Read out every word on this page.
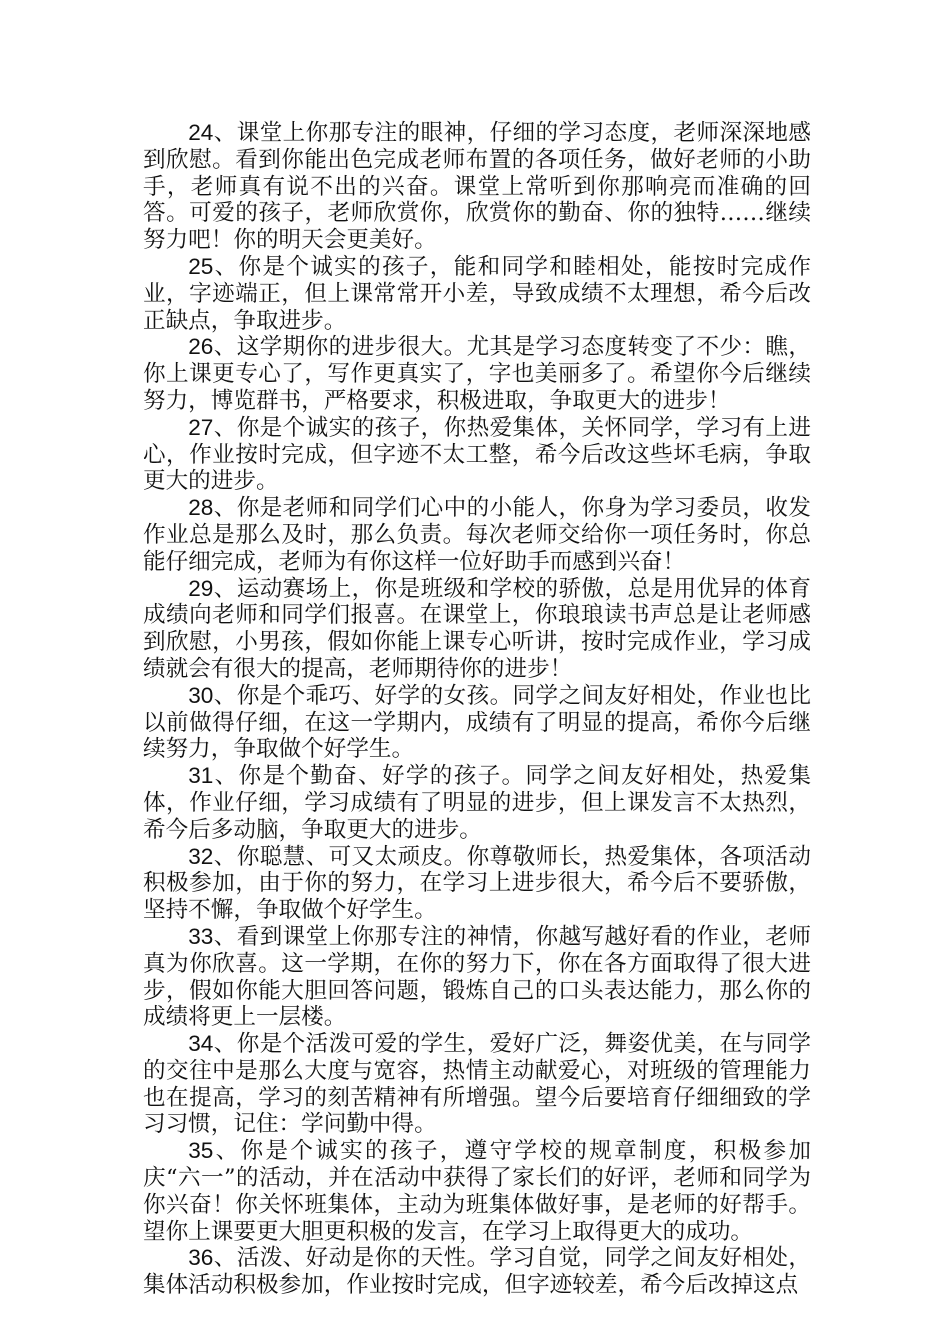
24、课堂上你那专注的眼神，仔细的学习态度，老师深深地感到欣慰。看到你能出色完成老师布置的各项任务，做好老师的小助手，老师真有说不出的兴奋。课堂上常听到你那响亮而准确的回答。可爱的孩子，老师欣赏你，欣赏你的勤奋、你的独特……继续努力吧！你的明天会更美好。

25、你是个诚实的孩子，能和同学和睦相处，能按时完成作业，字迹端正，但上课常常开小差，导致成绩不太理想，希今后改正缺点，争取进步。

26、这学期你的进步很大。尤其是学习态度转变了不少：瞧，你上课更专心了，写作更真实了，字也美丽多了。希望你今后继续努力，博览群书，严格要求，积极进取，争取更大的进步！

27、你是个诚实的孩子，你热爱集体，关怀同学，学习有上进心，作业按时完成，但字迹不太工整，希今后改这些坏毛病，争取更大的进步。

28、你是老师和同学们心中的小能人，你身为学习委员，收发作业总是那么及时，那么负责。每次老师交给你一项任务时，你总能仔细完成，老师为有你这样一位好助手而感到兴奋！

29、运动赛场上，你是班级和学校的骄傲，总是用优异的体育成绩向老师和同学们报喜。在课堂上，你琅琅读书声总是让老师感到欣慰，小男孩，假如你能上课专心听讲，按时完成作业，学习成绩就会有很大的提高，老师期待你的进步！

30、你是个乖巧、好学的女孩。同学之间友好相处，作业也比以前做得仔细，在这一学期内，成绩有了明显的提高，希你今后继续努力，争取做个好学生。

31、你是个勤奋、好学的孩子。同学之间友好相处，热爱集体，作业仔细，学习成绩有了明显的进步，但上课发言不太热烈，希今后多动脑，争取更大的进步。

32、你聪慧、可又太顽皮。你尊敬师长，热爱集体，各项活动积极参加，由于你的努力，在学习上进步很大，希今后不要骄傲，坚持不懈，争取做个好学生。

33、看到课堂上你那专注的神情，你越写越好看的作业，老师真为你欣喜。这一学期，在你的努力下，你在各方面取得了很大进步，假如你能大胆回答问题，锻炼自己的口头表达能力，那么你的成绩将更上一层楼。

34、你是个活泼可爱的学生，爱好广泛，舞姿优美，在与同学的交往中是那么大度与宽容，热情主动献爱心，对班级的管理能力也在提高，学习的刻苦精神有所增强。望今后要培育仔细细致的学习习惯，记住：学问勤中得。

35、你是个诚实的孩子，遵守学校的规章制度，积极参加庆“六一”的活动，并在活动中获得了家长们的好评，老师和同学为你兴奋！你关怀班集体，主动为班集体做好事，是老师的好帮手。望你上课要更大胆更积极的发言，在学习上取得更大的成功。

36、活泼、好动是你的天性。学习自觉，同学之间友好相处，集体活动积极参加，作业按时完成，但字迹较差，希今后改掉这点
